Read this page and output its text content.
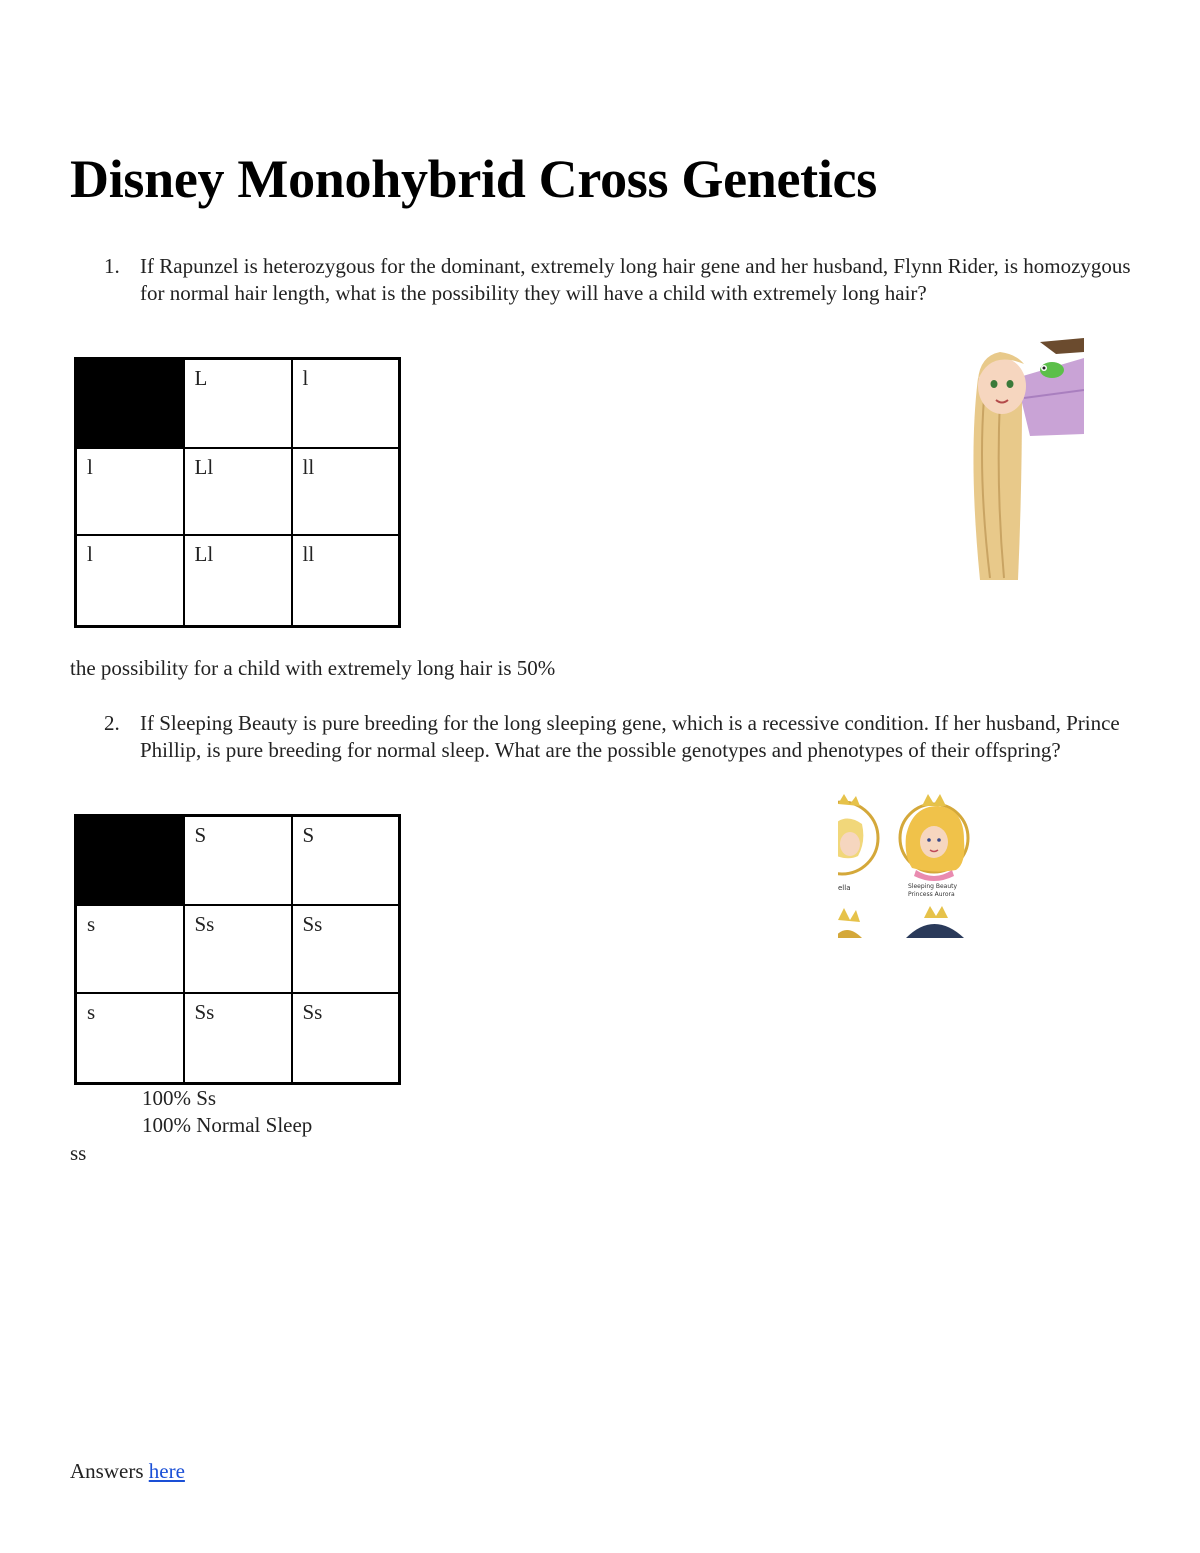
Disney Monohybrid Cross Genetics
1. If Rapunzel is heterozygous for the dominant, extremely long hair gene and her husband, Flynn Rider, is homozygous for normal hair length, what is the possibility they will have a child with extremely long hair?
	L	l
l	Ll	ll
l	Ll	ll
the possibility for a child with extremely long hair is 50%
2. If Sleeping Beauty is pure breeding for the long sleeping gene, which is a recessive condition. If her husband, Prince Phillip, is pure breeding for normal sleep. What are the possible genotypes and phenotypes of their offspring?
	S	S
s	Ss	Ss
s	Ss	Ss
ella	Sleeping Beauty
Princess Aurora
100% Ss
100% Normal Sleep
ss
Answers here
